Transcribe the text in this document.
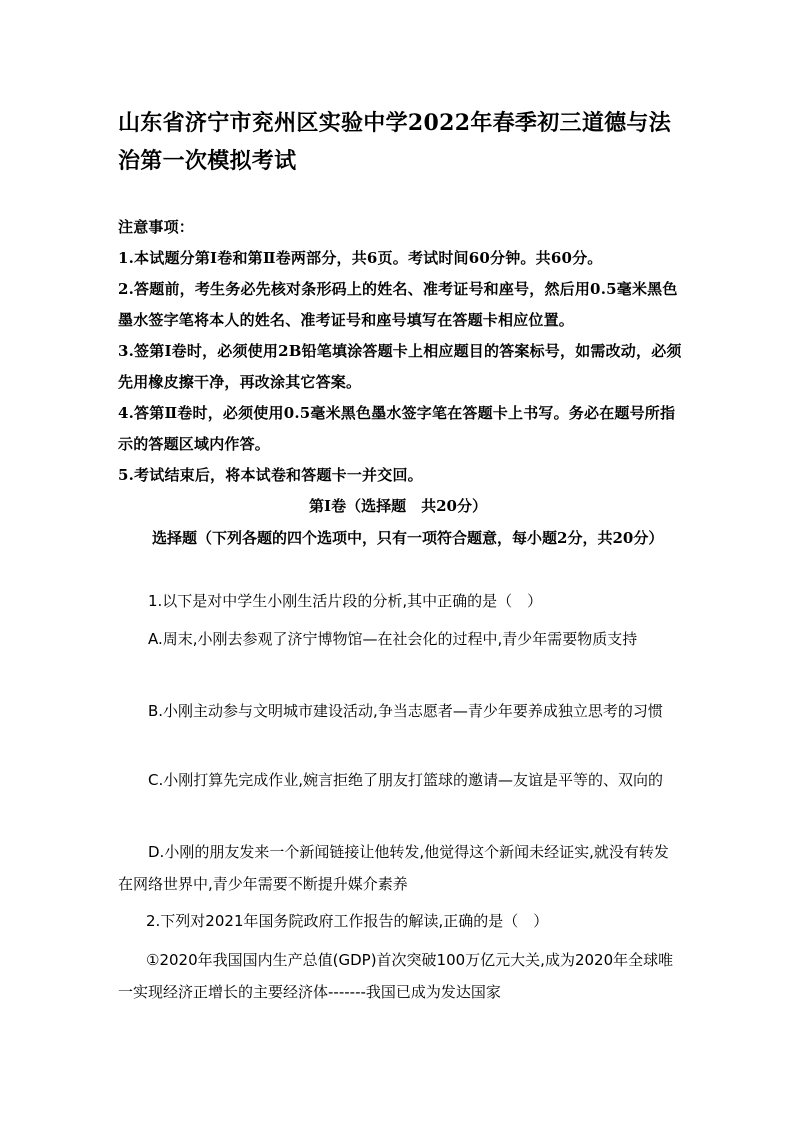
山东省济宁市兖州区实验中学2022年春季初三道德与法治第一次模拟考试
注意事项：
1.本试题分第Ⅰ卷和第Ⅱ卷两部分，共6页。考试时间60分钟。共60分。
2.答题前，考生务必先核对条形码上的姓名、准考证号和座号，然后用0.5毫米黑色墨水签字笔将本人的姓名、准考证号和座号填写在答题卡相应位置。
3.签第Ⅰ卷时，必须使用2B铅笔填涂答题卡上相应题目的答案标号，如需改动，必须先用橡皮擦干净，再改涂其它答案。
4.答第Ⅱ卷时，必须使用0.5毫米黑色墨水签字笔在答题卡上书写。务必在题号所指示的答题区域内作答。
5.考试结束后，将本试卷和答题卡一并交回。
第Ⅰ卷（选择题　共20分）
选择题（下列各题的四个选项中，只有一项符合题意，每小题2分，共20分）
1.以下是对中学生小刚生活片段的分析,其中正确的是（　）
A.周末,小刚去参观了济宁博物馆—在社会化的过程中,青少年需要物质支持
B.小刚主动参与文明城市建设活动,争当志愿者—青少年要养成独立思考的习惯
C.小刚打算先完成作业,婉言拒绝了朋友打篮球的邀请—友谊是平等的、双向的
D.小刚的朋友发来一个新闻链接让他转发,他觉得这个新闻未经证实,就没有转发在网络世界中,青少年需要不断提升媒介素养
2.下列对2021年国务院政府工作报告的解读,正确的是（　）
①2020年我国国内生产总值(GDP)首次突破100万亿元大关,成为2020年全球唯一实现经济正增长的主要经济体-------我国已成为发达国家
